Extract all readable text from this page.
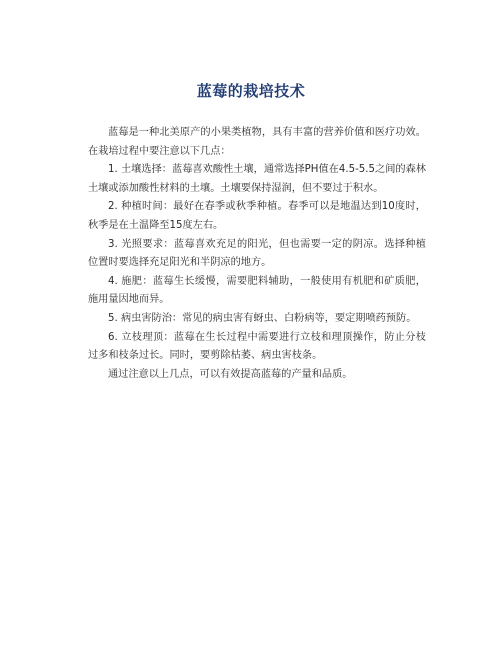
蓝莓的栽培技术

蓝莓是一种北美原产的小果类植物，具有丰富的营养价值和医疗功效。在栽培过程中要注意以下几点：

1. 土壤选择：蓝莓喜欢酸性土壤，通常选择PH值在4.5-5.5之间的森林土壤或添加酸性材料的土壤。土壤要保持湿润，但不要过于积水。

2. 种植时间：最好在春季或秋季种植。春季可以是地温达到10度时，秋季是在土温降至15度左右。

3. 光照要求：蓝莓喜欢充足的阳光，但也需要一定的阴凉。选择种植位置时要选择充足阳光和半阴凉的地方。

4. 施肥：蓝莓生长缓慢，需要肥料辅助，一般使用有机肥和矿质肥，施用量因地而异。

5. 病虫害防治：常见的病虫害有蚜虫、白粉病等，要定期喷药预防。

6. 立枝理顶：蓝莓在生长过程中需要进行立枝和理顶操作，防止分枝过多和枝条过长。同时，要剪除枯萎、病虫害枝条。

通过注意以上几点，可以有效提高蓝莓的产量和品质。
